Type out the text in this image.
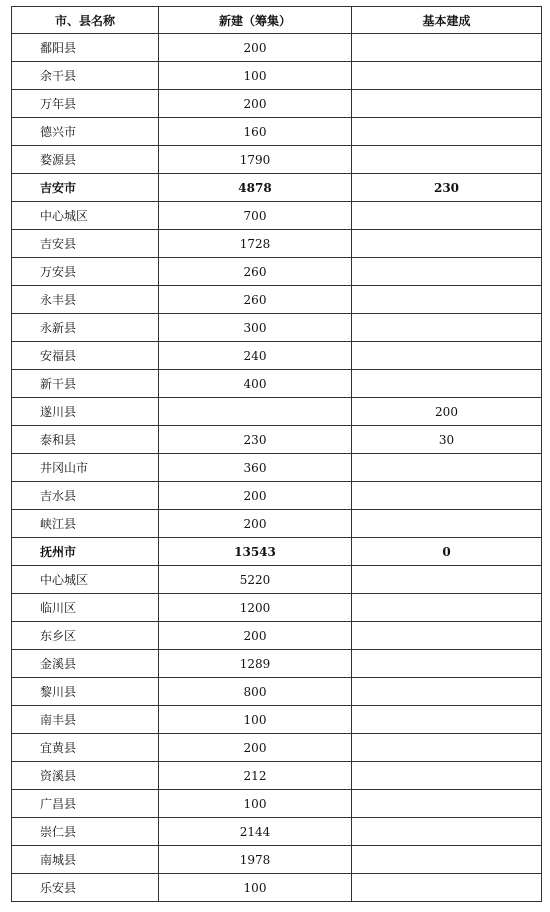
市、县名称	新建（筹集）	基本建成
鄱阳县	200	
余干县	100	
万年县	200	
德兴市	160	
婺源县	1790	
吉安市	4878	230
中心城区	700	
吉安县	1728	
万安县	260	
永丰县	260	
永新县	300	
安福县	240	
新干县	400	
遂川县		200
泰和县	230	30
井冈山市	360	
吉水县	200	
峡江县	200	
抚州市	13543	0
中心城区	5220	
临川区	1200	
东乡区	200	
金溪县	1289	
黎川县	800	
南丰县	100	
宜黄县	200	
资溪县	212	
广昌县	100	
崇仁县	2144	
南城县	1978	
乐安县	100	
